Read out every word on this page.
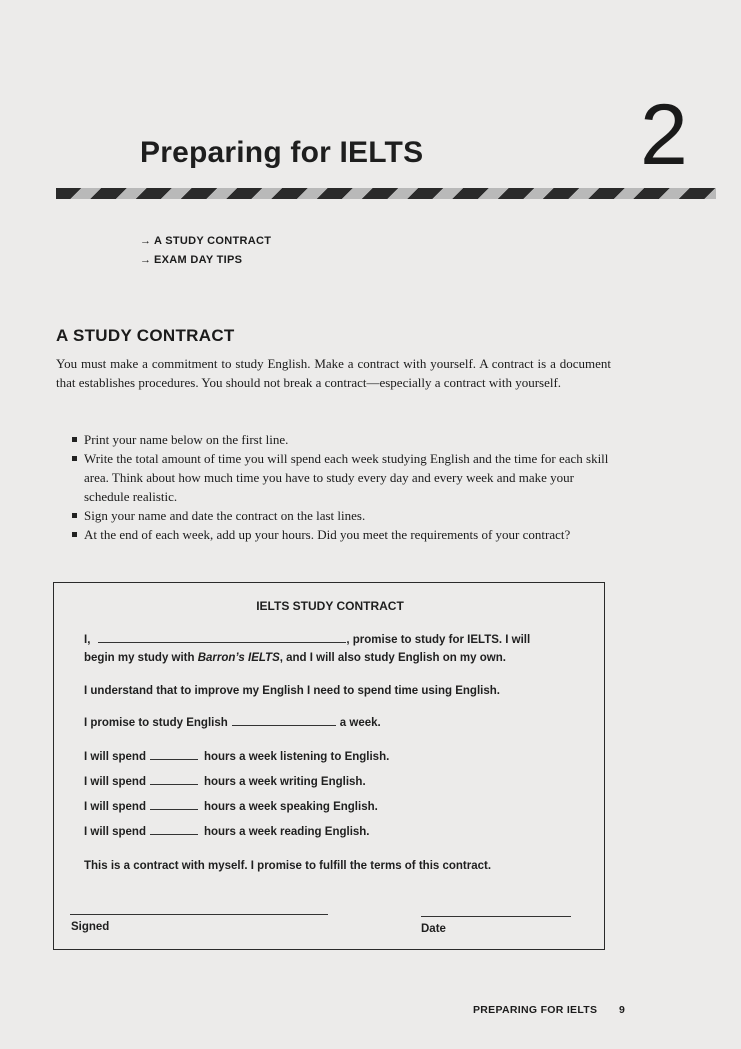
Preparing for IELTS	2
→ A STUDY CONTRACT
→ EXAM DAY TIPS
A STUDY CONTRACT
You must make a commitment to study English. Make a contract with yourself. A contract is a document that establishes procedures. You should not break a contract—especially a contract with yourself.
Print your name below on the first line.
Write the total amount of time you will spend each week studying English and the time for each skill area. Think about how much time you have to study every day and every week and make your schedule realistic.
Sign your name and date the contract on the last lines.
At the end of each week, add up your hours. Did you meet the requirements of your contract?
IELTS STUDY CONTRACT
I,	, promise to study for IELTS. I will
begin my study with Barron’s IELTS, and I will also study English on my own.
I understand that to improve my English I need to spend time using English.
I promise to study English	a week.
I will spend	hours a week listening to English.
I will spend	hours a week writing English.
I will spend	hours a week speaking English.
I will spend	hours a week reading English.
This is a contract with myself. I promise to fulfill the terms of this contract.
Signed	Date
PREPARING FOR IELTS 9
